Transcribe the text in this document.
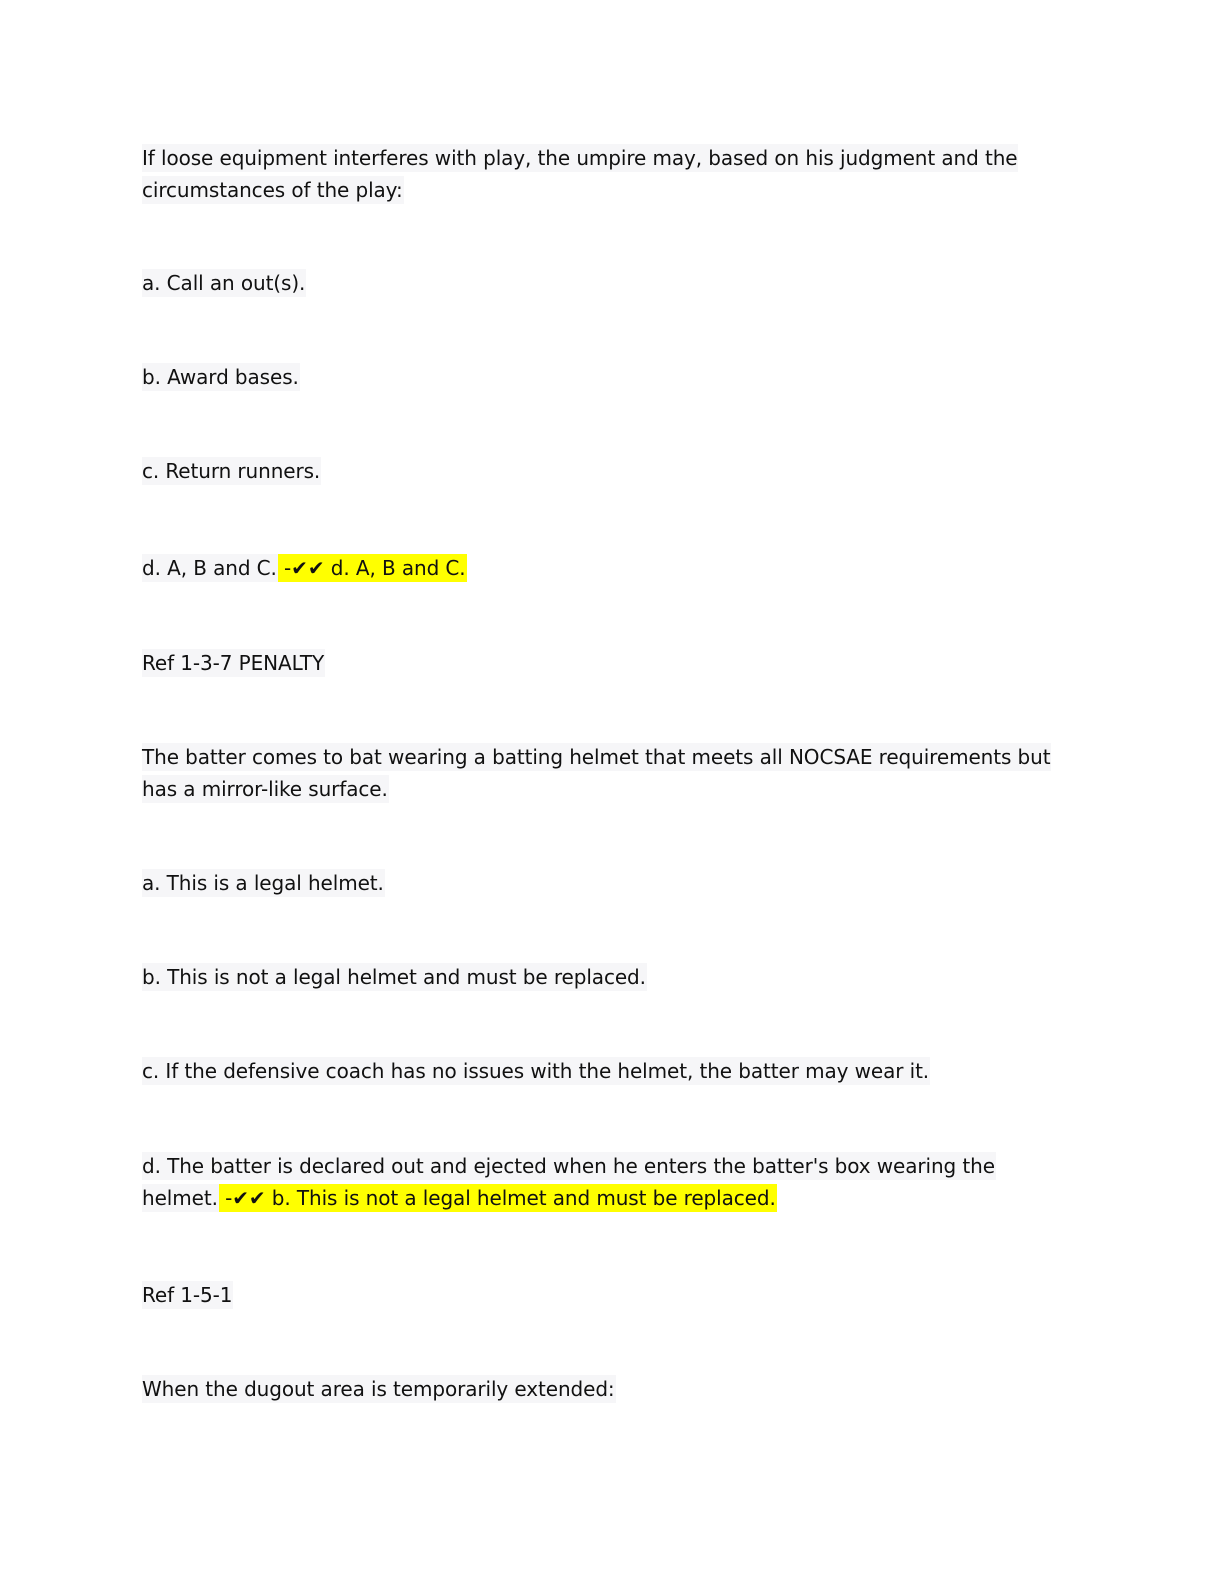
If loose equipment interferes with play, the umpire may, based on his judgment and the circumstances of the play:

a. Call an out(s).

b. Award bases.

c. Return runners.

d. A, B and C. -✔✔ d. A, B and C.

Ref 1-3-7 PENALTY

The batter comes to bat wearing a batting helmet that meets all NOCSAE requirements but has a mirror-like surface.

a. This is a legal helmet.

b. This is not a legal helmet and must be replaced.

c. If the defensive coach has no issues with the helmet, the batter may wear it.

d. The batter is declared out and ejected when he enters the batter's box wearing the helmet. -✔✔ b. This is not a legal helmet and must be replaced.

Ref 1-5-1

When the dugout area is temporarily extended:
